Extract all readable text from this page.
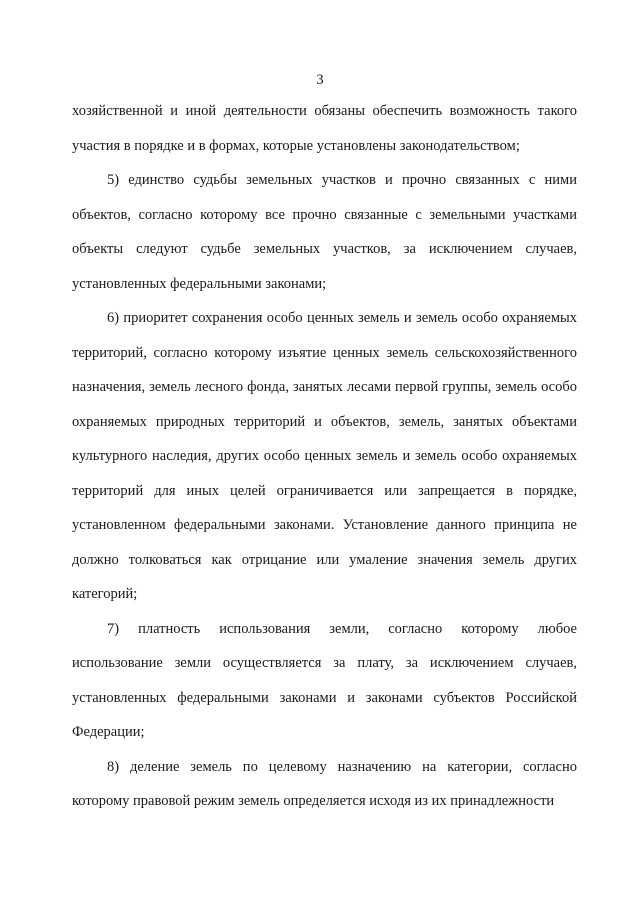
3

хозяйственной и иной деятельности обязаны обеспечить возможность такого участия в порядке и в формах, которые установлены законодательством;

5) единство судьбы земельных участков и прочно связанных с ними объектов, согласно которому все прочно связанные с земельными участками объекты следуют судьбе земельных участков, за исключением случаев, установленных федеральными законами;

6) приоритет сохранения особо ценных земель и земель особо охраняемых территорий, согласно которому изъятие ценных земель сельскохозяйственного назначения, земель лесного фонда, занятых лесами первой группы, земель особо охраняемых природных территорий и объектов, земель, занятых объектами культурного наследия, других особо ценных земель и земель особо охраняемых территорий для иных целей ограничивается или запрещается в порядке, установленном федеральными законами. Установление данного принципа не должно толковаться как отрицание или умаление значения земель других категорий;

7) платность использования земли, согласно которому любое использование земли осуществляется за плату, за исключением случаев, установленных федеральными законами и законами субъектов Российской Федерации;

8) деление земель по целевому назначению на категории, согласно которому правовой режим земель определяется исходя из их принадлежности
